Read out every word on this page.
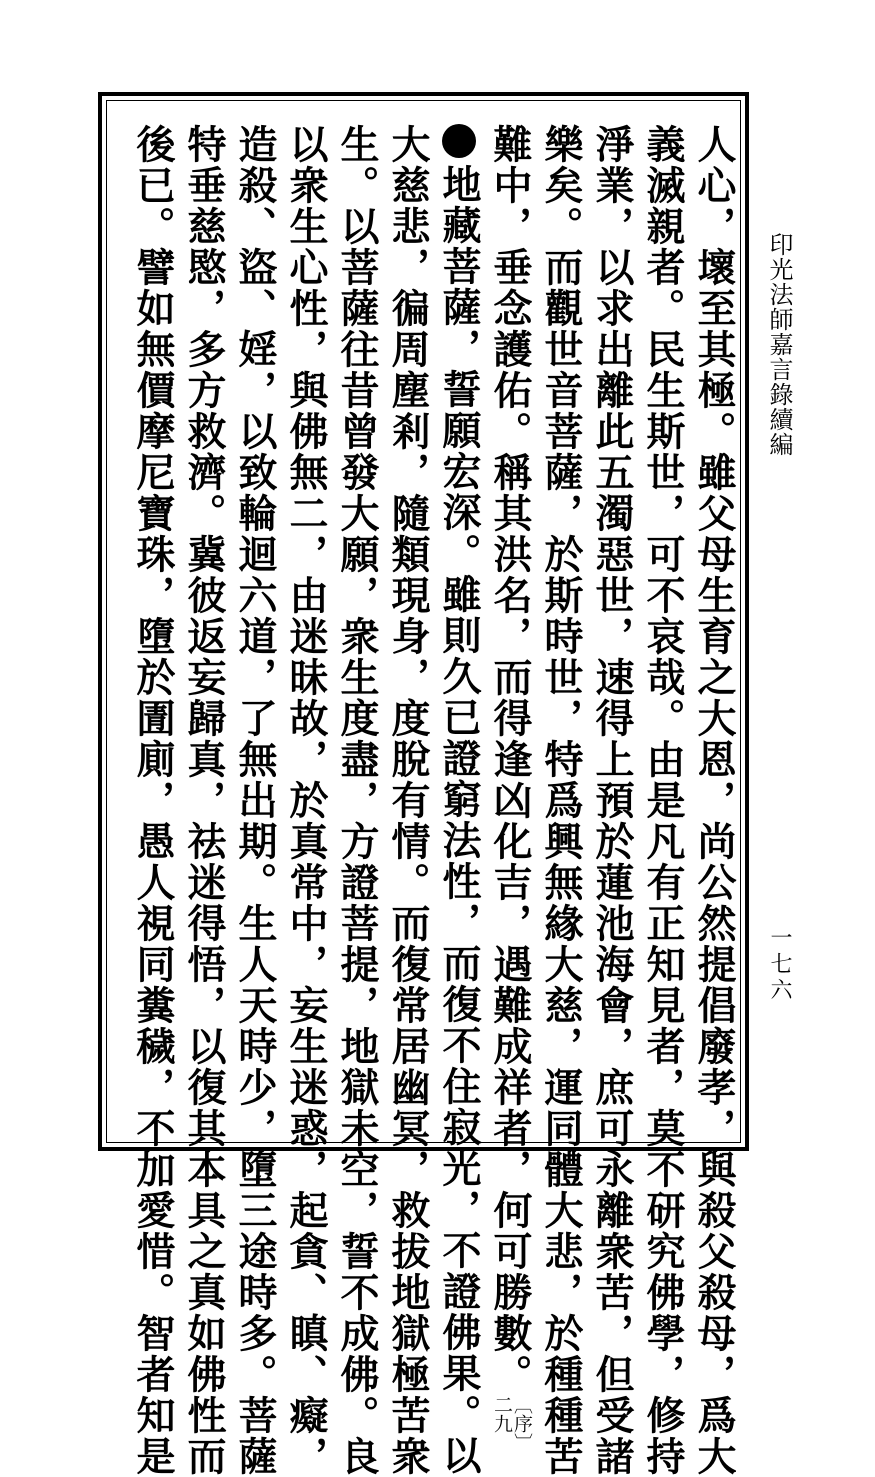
印光法師嘉言錄續編
一七六
人心，壞至其極。雖父母生育之大恩，尚公然提倡廢孝，與殺父殺母，爲大
義滅親者。民生斯世，可不哀哉。由是凡有正知見者，莫不研究佛學，修持
淨業，以求出離此五濁惡世，速得上預於蓮池海會，庶可永離衆苦，但受諸
樂矣。而觀世音菩薩，於斯時世，特爲興無緣大慈，運同體大悲，於種種苦
難中，垂念護佑。稱其洪名，而得逢凶化吉，遇難成祥者，何可勝數。
〔序〕
二九
地藏菩薩，誓願宏深。雖則久已證窮法性，而復不住寂光，不證佛果。以
大慈悲，徧周塵剎，隨類現身，度脫有情。而復常居幽冥，救拔地獄極苦衆
生。以菩薩往昔曾發大願，衆生度盡，方證菩提，地獄未空，誓不成佛。良
以衆生心性，與佛無二，由迷昧故，於真常中，妄生迷惑，起貪、瞋、癡，
造殺、盜、婬，以致輪迴六道，了無出期。生人天時少，墮三途時多。菩薩
特垂慈愍，多方救濟。冀彼返妄歸真，祛迷得悟，以復其本具之真如佛性而
後已。譬如無價摩尼寶珠，墮於圊廁，愚人視同糞穢，不加愛惜。智者知是
